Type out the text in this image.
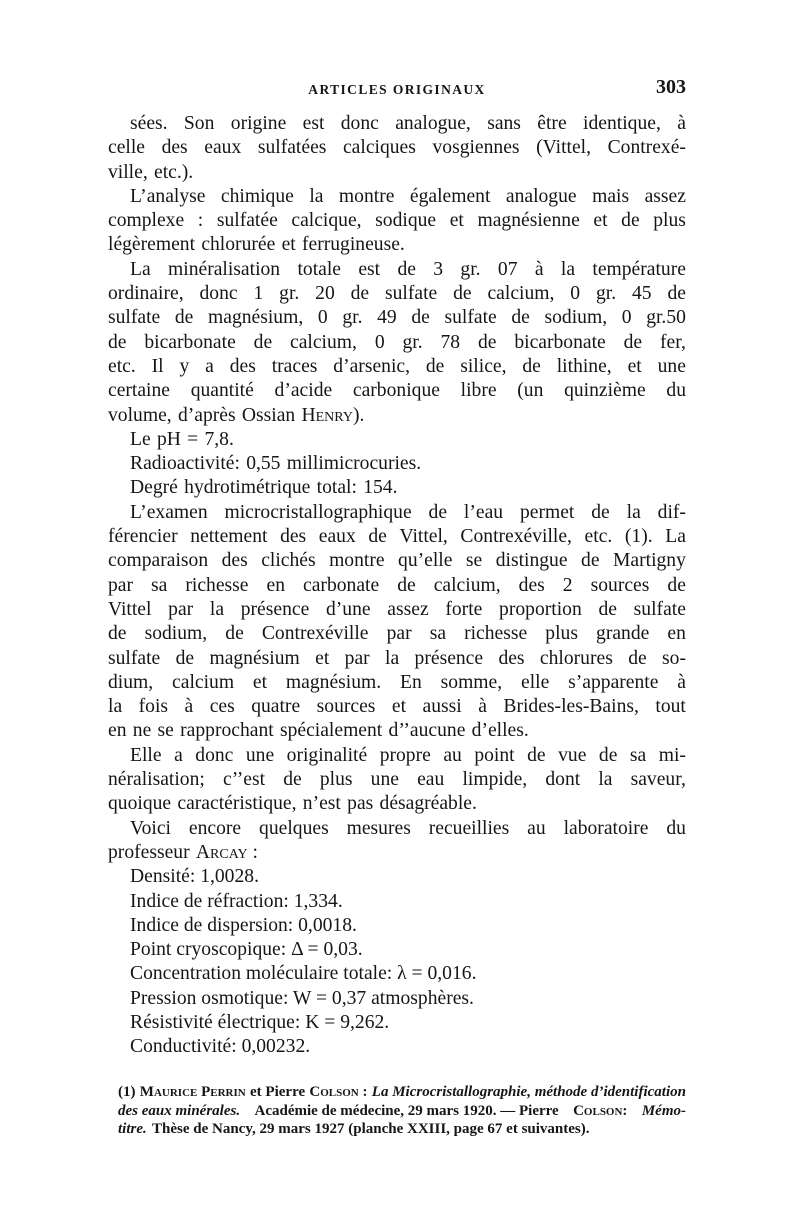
ARTICLES ORIGINAUX	303
sées. Son origine est donc analogue, sans être identique, à
celle des eaux sulfatées calciques vosgiennes (Vittel, Contrexé-
ville, etc.).
L’analyse chimique la montre également analogue mais assez
complexe : sulfatée calcique, sodique et magnésienne et de plus
légèrement chlorurée et ferrugineuse.
La minéralisation totale est de 3 gr. 07 à la température
ordinaire, donc 1 gr. 20 de sulfate de calcium, 0 gr. 45 de
sulfate de magnésium, 0 gr. 49 de sulfate de sodium, 0 gr.50
de bicarbonate de calcium, 0 gr. 78 de bicarbonate de fer,
etc. Il y a des traces d’arsenic, de silice, de lithine, et une
certaine quantité d’acide carbonique libre (un quinzième du
volume, d’après Ossian Henry).
Le pH = 7,8.
Radioactivité: 0,55 millimicrocuries.
Degré hydrotimétrique total: 154.
L’examen microcristallographique de l’eau permet de la dif-
férencier nettement des eaux de Vittel, Contrexéville, etc. (1). La
comparaison des clichés montre qu’elle se distingue de Martigny
par sa richesse en carbonate de calcium, des 2 sources de
Vittel par la présence d’une assez forte proportion de sulfate
de sodium, de Contrexéville par sa richesse plus grande en
sulfate de magnésium et par la présence des chlorures de so-
dium, calcium et magnésium. En somme, elle s’apparente à
la fois à ces quatre sources et aussi à Brides-les-Bains, tout
en ne se rapprochant spécialement d’’aucune d’elles.
Elle a donc une originalité propre au point de vue de sa mi-
néralisation; c’’est de plus une eau limpide, dont la saveur,
quoique caractéristique, n’est pas désagréable.
Voici encore quelques mesures recueillies au laboratoire du
professeur Arcay :
Densité: 1,0028.
Indice de réfraction: 1,334.
Indice de dispersion: 0,0018.
Point cryoscopique: Δ = 0,03.
Concentration moléculaire totale: λ = 0,016.
Pression osmotique: W = 0,37 atmosphères.
Résistivité électrique: K = 9,262.
Conductivité: 0,00232.
(1) Maurice Perrin et Pierre Colson : La Microcristallographie, méthode d’identification
des eaux minérales. Académie de médecine, 29 mars 1920. — Pierre Colson: Mémo-
titre. Thèse de Nancy, 29 mars 1927 (planche XXIII, page 67 et suivantes).
